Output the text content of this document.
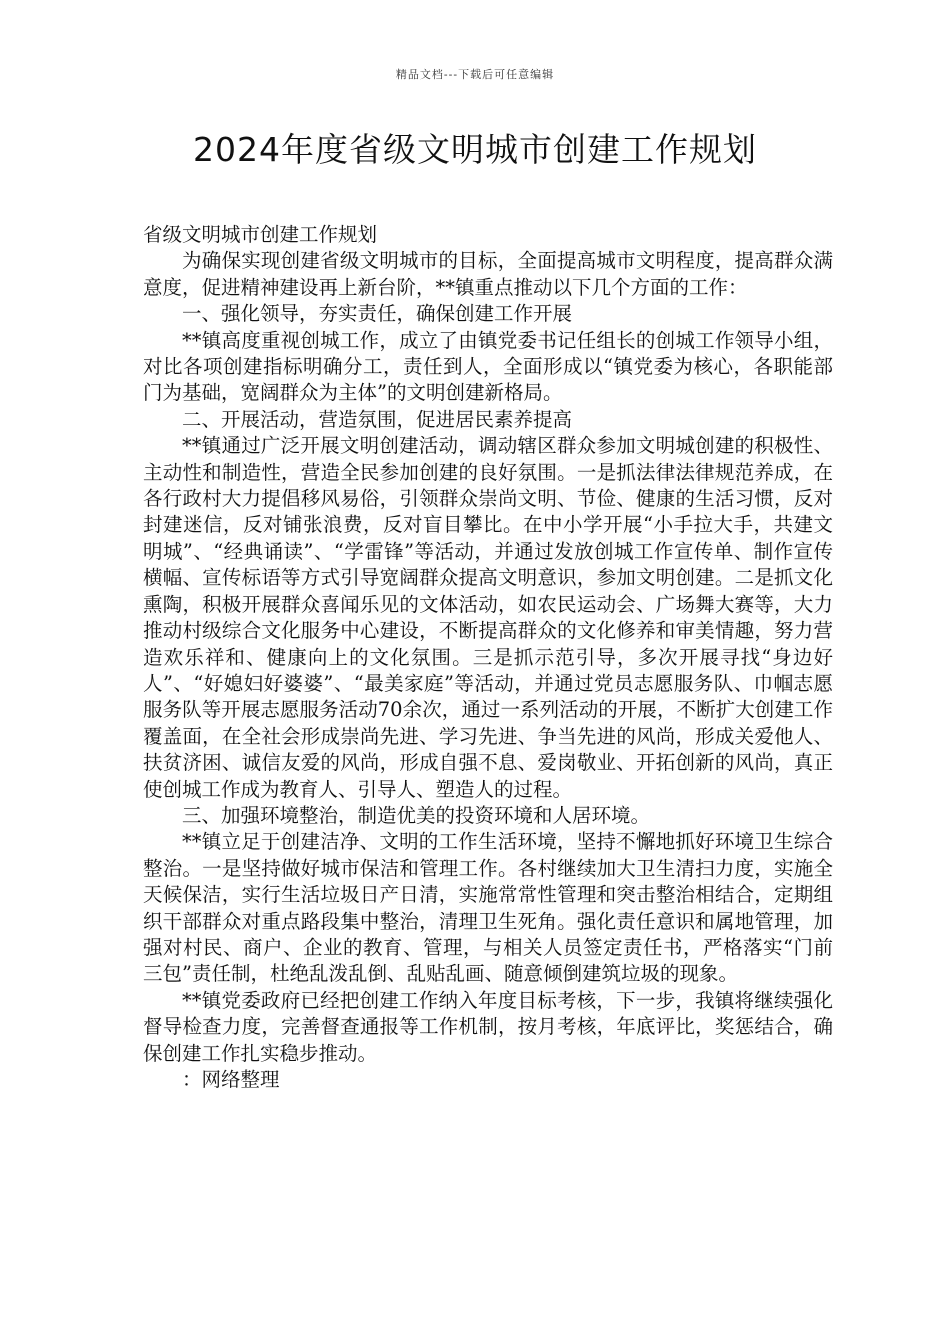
精品文档---下载后可任意编辑
2024年度省级文明城市创建工作规划

省级文明城市创建工作规划

为确保实现创建省级文明城市的目标，全面提高城市文明程度，提高群众满意度，促进精神建设再上新台阶，**镇重点推动以下几个方面的工作：

一、强化领导，夯实责任，确保创建工作开展

**镇高度重视创城工作，成立了由镇党委书记任组长的创城工作领导小组，对比各项创建指标明确分工，责任到人，全面形成以“镇党委为核心，各职能部门为基础，宽阔群众为主体”的文明创建新格局。

二、开展活动，营造氛围，促进居民素养提高

**镇通过广泛开展文明创建活动，调动辖区群众参加文明城创建的积极性、主动性和制造性，营造全民参加创建的良好氛围。一是抓法律法律规范养成，在各行政村大力提倡移风易俗，引领群众崇尚文明、节俭、健康的生活习惯，反对封建迷信，反对铺张浪费，反对盲目攀比。在中小学开展“小手拉大手，共建文明城”、“经典诵读”、“学雷锋”等活动，并通过发放创城工作宣传单、制作宣传横幅、宣传标语等方式引导宽阔群众提高文明意识，参加文明创建。二是抓文化熏陶，积极开展群众喜闻乐见的文体活动，如农民运动会、广场舞大赛等，大力推动村级综合文化服务中心建设，不断提高群众的文化修养和审美情趣，努力营造欢乐祥和、健康向上的文化氛围。三是抓示范引导，多次开展寻找“身边好人”、“好媳妇好婆婆”、“最美家庭”等活动，并通过党员志愿服务队、巾帼志愿服务队等开展志愿服务活动70余次，通过一系列活动的开展，不断扩大创建工作覆盖面，在全社会形成崇尚先进、学习先进、争当先进的风尚，形成关爱他人、扶贫济困、诚信友爱的风尚，形成自强不息、爱岗敬业、开拓创新的风尚，真正使创城工作成为教育人、引导人、塑造人的过程。

三、加强环境整治，制造优美的投资环境和人居环境。

**镇立足于创建洁净、文明的工作生活环境，坚持不懈地抓好环境卫生综合整治。一是坚持做好城市保洁和管理工作。各村继续加大卫生清扫力度，实施全天候保洁，实行生活垃圾日产日清，实施常常性管理和突击整治相结合，定期组织干部群众对重点路段集中整治，清理卫生死角。强化责任意识和属地管理，加强对村民、商户、企业的教育、管理，与相关人员签定责任书，严格落实“门前三包”责任制，杜绝乱泼乱倒、乱贴乱画、随意倾倒建筑垃圾的现象。

**镇党委政府已经把创建工作纳入年度目标考核，下一步，我镇将继续强化督导检查力度，完善督查通报等工作机制，按月考核，年底评比，奖惩结合，确保创建工作扎实稳步推动。

：网络整理
